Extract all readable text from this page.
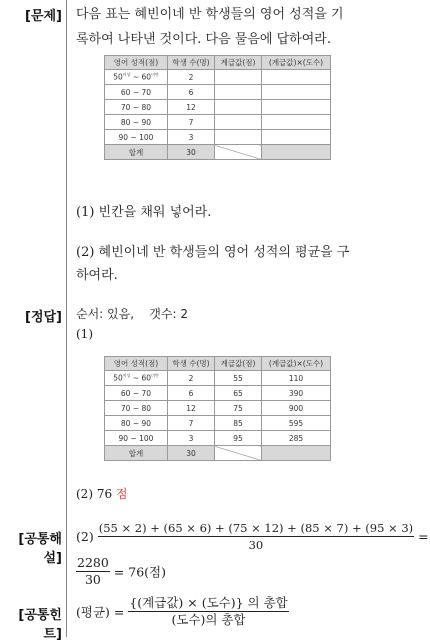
[문제]
[정답]
[공통해설]
[공통힌트]
다음 표는 혜빈이네 반 학생들의 영어 성적을 기
록하여 나타낸 것이다. 다음 물음에 답하여라.
영어 성적(점)	학생 수(명)	계급값(점)	(계급값)×(도수)
$50^{이상}$ ~ $60^{미만}$	2		
60 ~ 70	6		
70 ~ 80	12		
80 ~ 90	7		
90 ~ 100	3		
합계	30		
(1) 빈칸을 채워 넣어라.
(2) 혜빈이네 반 학생들의 영어 성적의 평균을 구
하여라.
순서: 있음,    갯수: 2
(1)
영어 성적(점)	학생 수(명)	계급값(점)	(계급값)×(도수)
$50^{이상}$ ~ $60^{미만}$	2	55	110
60 ~ 70	6	65	390
70 ~ 80	12	75	900
80 ~ 90	7	85	595
90 ~ 100	3	95	285
합계	30		
(2) 76 점
$(2) \frac{(55 \times 2) + (65 \times 6) + (75 \times 12) + (85 \times 7) + (95 \times 3)}{30}$ =
$\frac{2280}{30} = 76$(점)
(평균) = $\frac{\text{\{(계급값) × (도수)\} 의 총합}}{\text{(도수)의 총합}}$
